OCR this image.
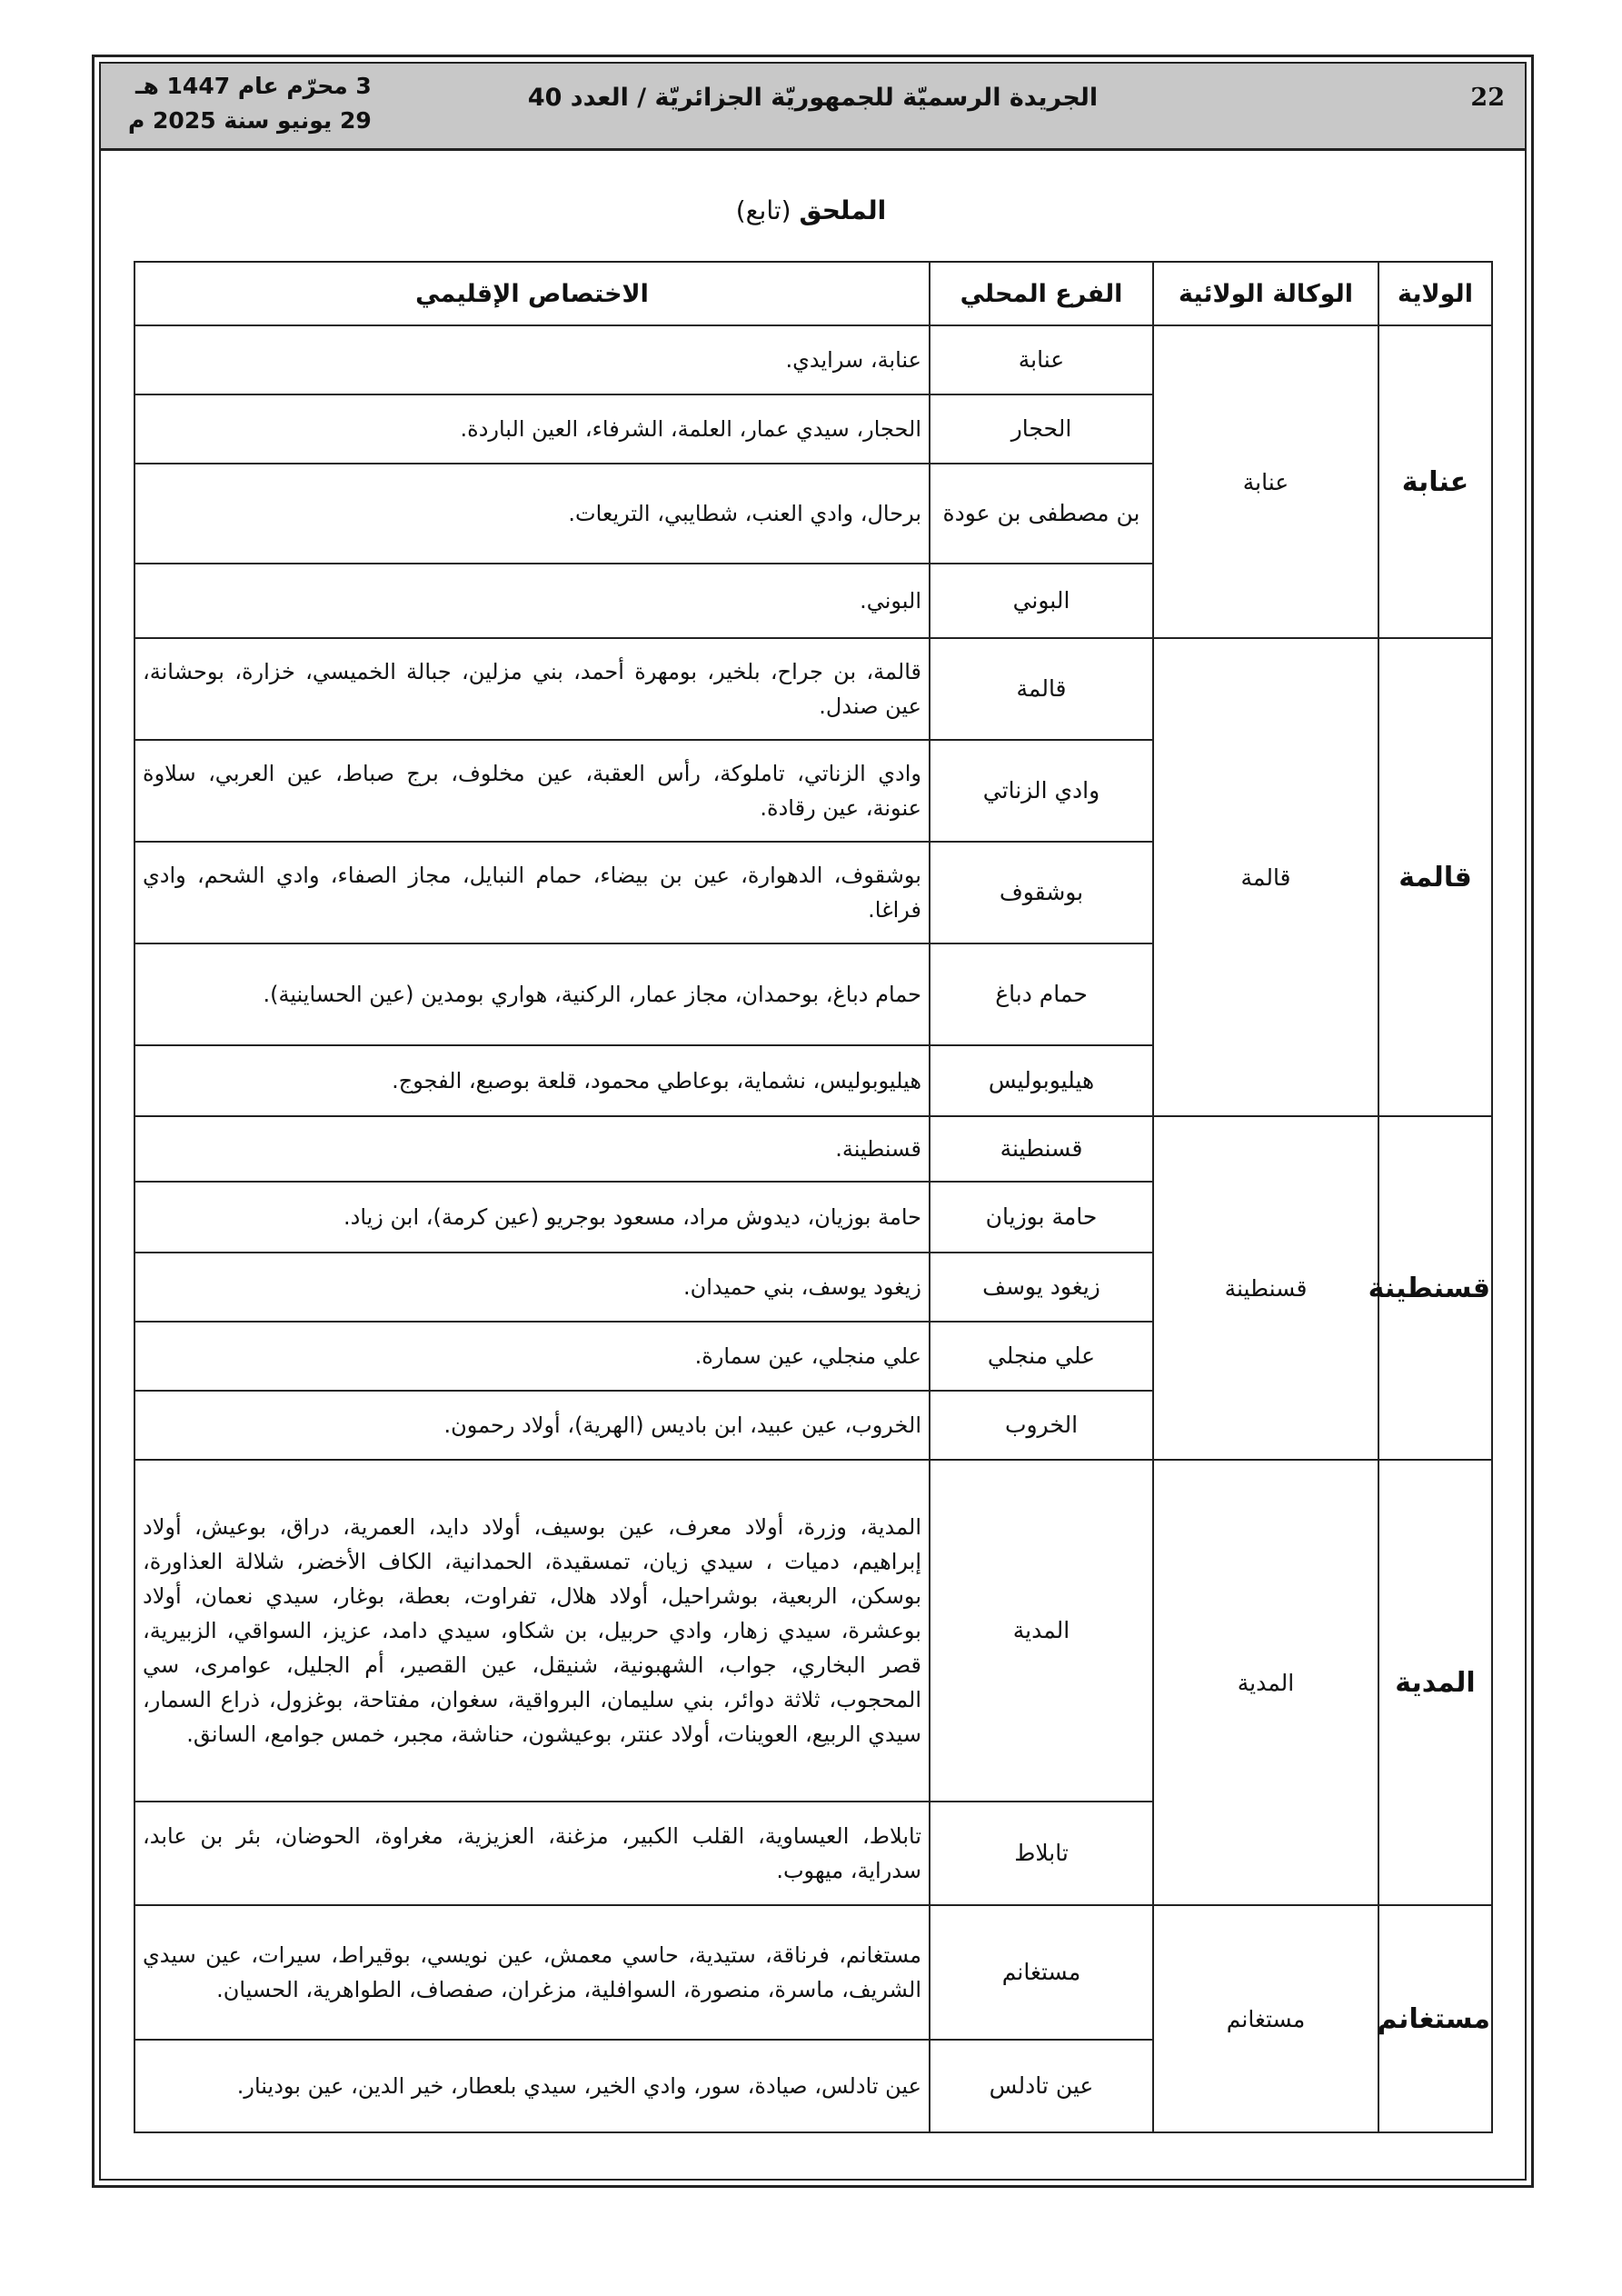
22
الجريدة الرسميّة للجمهوريّة الجزائريّة / العدد 40
3 محرّم عام 1447 هـ
29 يونيو سنة 2025 م
الملحق (تابع)
الولاية	الوكالة الولائية	الفرع المحلي	الاختصاص الإقليمي
عنابة	عنابة	عنابة	عنابة، سرايدي.
		الحجار	الحجار، سيدي عمار، العلمة، الشرفاء، العين الباردة.
		بن مصطفى بن عودة	برحال، وادي العنب، شطايبي، التريعات.
		البوني	البوني.
قالمة	قالمة	قالمة	قالمة، بن جراح، بلخير، بومهرة أحمد، بني مزلين، جبالة الخميسي، خزارة، بوحشانة، عين صندل.
		وادي الزناتي	وادي الزناتي، تاملوكة، رأس العقبة، عين مخلوف، برج صباط، عين العربي، سلاوة عنونة، عين رقادة.
		بوشقوف	بوشقوف، الدهوارة، عين بن بيضاء، حمام النبايل، مجاز الصفاء، وادي الشحم، وادي فراغا.
		حمام دباغ	حمام دباغ، بوحمدان، مجاز عمار، الركنية، هواري بومدين (عين الحساينية).
		هيليوبوليس	هيليوبوليس، نشماية، بوعاطي محمود، قلعة بوصبع، الفجوج.
قسنطينة	قسنطينة	قسنطينة	قسنطينة.
		حامة بوزيان	حامة بوزيان، ديدوش مراد، مسعود بوجريو (عين كرمة)، ابن زياد.
		زيغود يوسف	زيغود يوسف، بني حميدان.
		علي منجلي	علي منجلي، عين سمارة.
		الخروب	الخروب، عين عبيد، ابن باديس (الهرية)، أولاد رحمون.
المدية	المدية	المدية	المدية، وزرة، أولاد معرف، عين بوسيف، أولاد دايد، العمرية، دراق، بوعيش، أولاد إبراهيم، دميات ، سيدي زيان، تمسقيدة، الحمدانية، الكاف الأخضر، شلالة العذاورة، بوسكن، الربعية، بوشراحيل، أولاد هلال، تفراوت، بعطة، بوغار، سيدي نعمان، أولاد بوعشرة، سيدي زهار، وادي حربيل، بن شكاو، سيدي دامد، عزيز، السواقي، الزبيرية، قصر البخاري، جواب، الشهبونية، شنيقل، عين القصير، أم الجليل، عوامرى، سي المحجوب، ثلاثة دوائر، بني سليمان، البرواقية، سغوان، مفتاحة، بوغزول، ذراع السمار، سيدي الربيع، العوينات، أولاد عنتر، بوعيشون، حناشة، مجبر، خمس جوامع، السانق.
		تابلاط	تابلاط، العيساوية، القلب الكبير، مزغنة، العزيزية، مغراوة، الحوضان، بئر بن عابد، سدراية، ميهوب.
مستغانم	مستغانم	مستغانم	مستغانم، فرناقة، ستيدية، حاسي معمش، عين نويسي، بوقيراط، سيرات، عين سيدي الشريف، ماسرة، منصورة، السوافلية، مزغران، صفصاف، الطواهرية، الحسيان.
		عين تادلس	عين تادلس، صيادة، سور، وادي الخير، سيدي بلعطار، خير الدين، عين بودينار.
